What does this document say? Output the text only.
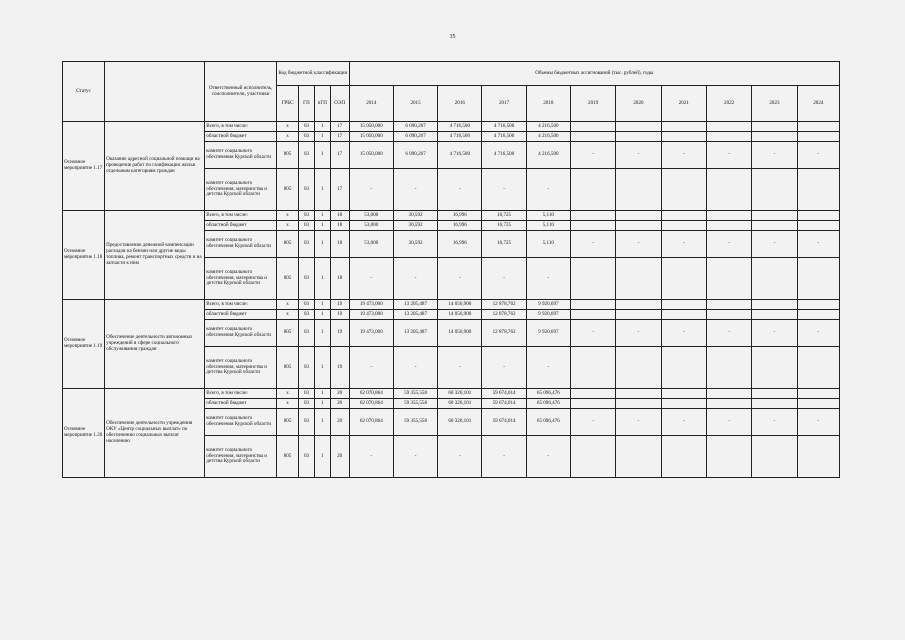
35
Статус		Ответственный исполнитель, соисполнители, участники	Код бюджетной классификации				Объемы бюджетных ассигнований (тыс. рублей), годы										
			ГРБС	ГП	пГП	ОЭП	2014	2015	2016	2017	2018	2019	2020	2021	2022	2023	2024
Основное мероприятие 1.17	Оказание адресной социальной помощи на проведение работ по газификации жилья отдельным категориям граждан	Всего, в том числе:	х	03	1	17	15 050,000	6 090,267	4 716,500	4 716,500	4 216,500						
		областной бюджет	х	03	1	17	15 050,000	6 090,267	4 716,500	4 716,500	4 216,500						
		комитет социального обеспечения Курской области	805	03	1	17	15 050,000	6 090,267	4 716,500	4 716,500	4 216,500	-	-	-	-	-	-
		комитет социального обеспечения, материнства и детства Курской области	805	03	1	17	-	-	-	-	-						
Основное мероприятие 1.18	Предоставление денежной компенсации расходов на бензин или другие виды топлива, ремонт транспортных средств и на запчасти к ним	Всего, в том числе:	х	03	1	18	53,000	30,592	16,996	16,725	5,110						
		областной бюджет	х	03	1	18	53,000	30,592	16,996	16,725	5,110						
		комитет социального обеспечения Курской области	805	03	1	18	53,000	30,592	16,996	16,725	5,110	-	-	-	-	-	-
		комитет социального обеспечения, материнства и детства Курской области	805	03	1	18	-	-	-	-	-						
Основное мероприятие 1.19	Обеспечение деятельности автономных учреждений в сфере социального обслуживания граждан	Всего, в том числе:	х	03	1	19	19 473,000	13 205,487	14 056,900	12 878,762	9 920,697						
		областной бюджет	х	03	1	19	19 473,000	13 205,487	14 056,900	12 878,762	9 920,697						
		комитет социального обеспечения Курской области	805	03	1	19	19 473,000	13 205,487	14 056,900	12 878,762	9 920,697	-	-	-	-	-	-
		комитет социального обеспечения, материнства и детства Курской области	805	03	1	19	-	-	-	-	-						
Основное мероприятие 1.20	Обеспечение деятельности учреждения ОКУ «Центр социальных выплат» по обеспечению социальных выплат населению	Всего, в том числе:	х	03	1	20	62 070,864	59 355,558	60 320,101	59 674,014	65 096,476						
		областной бюджет	х	03	1	20	62 070,864	59 355,558	60 320,101	59 674,014	65 096,476						
		комитет социального обеспечения Курской области	805	03	1	20	62 070,864	59 355,558	60 320,101	59 674,014	65 096,476	-	-	-	-	-	-
		комитет социального обеспечения, материнства и детства Курской области	805	03	1	20	-	-	-	-	-						
